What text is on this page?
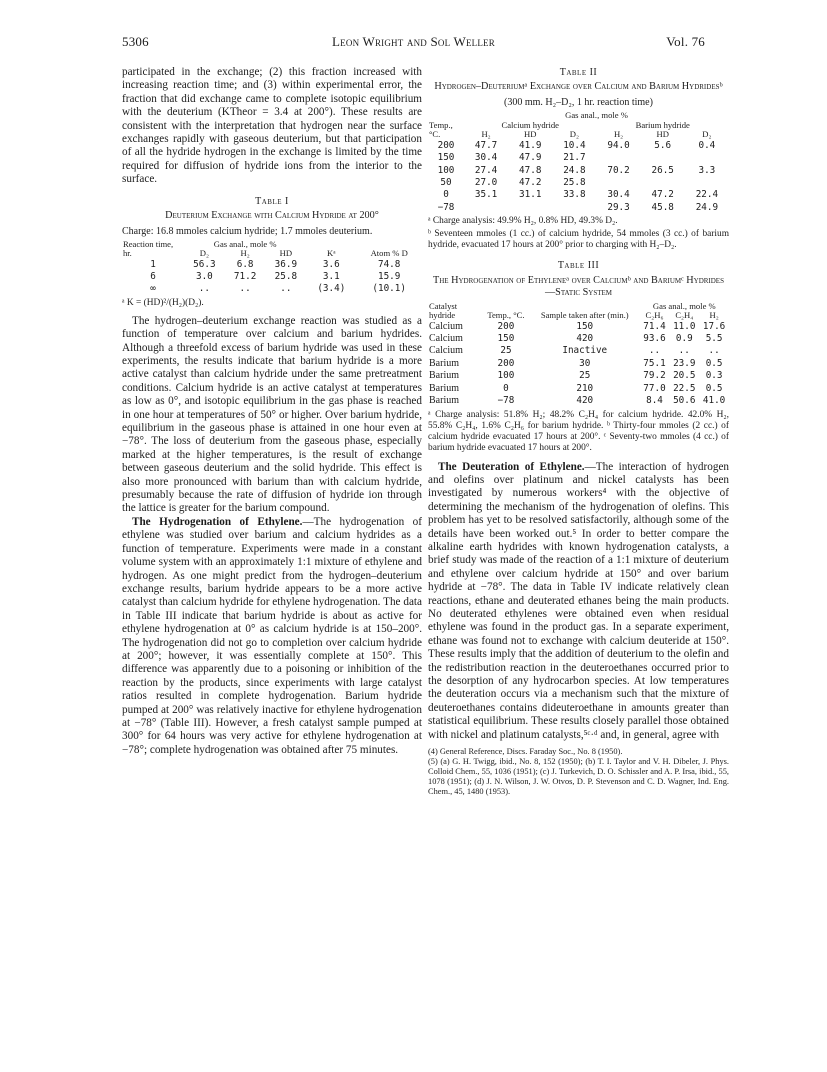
5306	Leon Wright and Sol Weller	Vol. 76

participated in the exchange; (2) this fraction increased with increasing reaction time; and (3) within experimental error, the fraction that did exchange came to complete isotopic equilibrium with the deuterium (KTheor = 3.4 at 200°). These results are consistent with the interpretation that hydrogen near the surface exchanges rapidly with gaseous deuterium, but that participation of all the hydride hydrogen in the exchange is limited by the time required for diffusion of hydride ions from the interior to the surface.

Table I
Deuterium Exchange with Calcium Hydride at 200°
Charge: 16.8 mmoles calcium hydride; 1.7 mmoles deuterium.
Reaction time, hr.	Gas anal., mole %			Kᵃ	Atom % D
	D₂	H₂	HD		
1	56.3	6.8	36.9	3.6	74.8
6	3.0	71.2	25.8	3.1	15.9
∞	..	..	..	(3.4)	(10.1)
ᵃ K = (HD)²/(H₂)(D₂).

The hydrogen–deuterium exchange reaction was studied as a function of temperature over calcium and barium hydrides. Although a threefold excess of barium hydride was used in these experiments, the results indicate that barium hydride is a more active catalyst than calcium hydride under the same pretreatment conditions. Calcium hydride is an active catalyst at temperatures as low as 0°, and isotopic equilibrium in the gas phase is reached in one hour at temperatures of 50° or higher. Over barium hydride, equilibrium in the gaseous phase is attained in one hour even at −78°. The loss of deuterium from the gaseous phase, especially marked at the higher temperatures, is the result of exchange between gaseous deuterium and the solid hydride. This effect is also more pronounced with barium than with calcium hydride, presumably because the rate of diffusion of hydride ion through the lattice is greater for the barium compound.

The Hydrogenation of Ethylene.—The hydrogenation of ethylene was studied over barium and calcium hydrides as a function of temperature. Experiments were made in a constant volume system with an approximately 1:1 mixture of ethylene and hydrogen. As one might predict from the hydrogen–deuterium exchange results, barium hydride appears to be a more active catalyst than calcium hydride for ethylene hydrogenation. The data in Table III indicate that barium hydride is about as active for ethylene hydrogenation at 0° as calcium hydride is at 150–200°. The hydrogenation did not go to completion over calcium hydride at 200°; however, it was essentially complete at 150°. This difference was apparently due to a poisoning or inhibition of the reaction by the products, since experiments with large catalyst ratios resulted in complete hydrogenation. Barium hydride pumped at 200° was relatively inactive for ethylene hydrogenation at −78° (Table III). However, a fresh catalyst sample pumped at 300° for 64 hours was very active for ethylene hydrogenation at −78°; complete hydrogenation was obtained after 75 minutes.

Table II
Hydrogen–Deuteriumᵃ Exchange over Calcium and Barium Hydridesᵇ
(300 mm. H₂–D₂, 1 hr. reaction time)
Temp., °C.	Gas anal., mole %					
	Calcium hydride			Barium hydride		
	H₂	HD	D₂	H₂	HD	D₂
200	47.7	41.9	10.4	94.0	5.6	0.4
150	30.4	47.9	21.7			
100	27.4	47.8	24.8	70.2	26.5	3.3
50	27.0	47.2	25.8			
0	35.1	31.1	33.8	30.4	47.2	22.4
−78				29.3	45.8	24.9
ᵃ Charge analysis: 49.9% H₂, 0.8% HD, 49.3% D₂.
ᵇ Seventeen mmoles (1 cc.) of calcium hydride, 54 mmoles (3 cc.) of barium hydride, evacuated 17 hours at 200° prior to charging with H₂–D₂.
Table III
The Hydrogenation of Ethyleneᵃ over Calciumᵇ and Bariumᶜ Hydrides—Static System
Catalyst hydride	Temp., °C.	Sample taken after (min.)	Gas anal., mole %		
			C₂H₆	C₂H₄	H₂
Calcium	200	150	71.4	11.0	17.6
Calcium	150	420	93.6	0.9	5.5
Calcium	25	Inactive	..	..	..
Barium	200	30	75.1	23.9	0.5
Barium	100	25	79.2	20.5	0.3
Barium	0	210	77.0	22.5	0.5
Barium	−78	420	8.4	50.6	41.0
ᵃ Charge analysis: 51.8% H₂; 48.2% C₂H₄ for calcium hydride. 42.0% H₂, 55.8% C₂H₄, 1.6% C₂H₆ for barium hydride. ᵇ Thirty-four mmoles (2 cc.) of calcium hydride evacuated 17 hours at 200°. ᶜ Seventy-two mmoles (4 cc.) of barium hydride evacuated 17 hours at 200°.

The Deuteration of Ethylene.—The interaction of hydrogen and olefins over platinum and nickel catalysts has been investigated by numerous workers⁴ with the objective of determining the mechanism of the hydrogenation of olefins. This problem has yet to be resolved satisfactorily, although some of the details have been worked out.⁵ In order to better compare the alkaline earth hydrides with known hydrogenation catalysts, a brief study was made of the reaction of a 1:1 mixture of deuterium and ethylene over calcium hydride at 150° and over barium hydride at −78°. The data in Table IV indicate relatively clean reactions, ethane and deuterated ethanes being the main products. No deuterated ethylenes were obtained even when residual ethylene was found in the product gas. In a separate experiment, ethane was found not to exchange with calcium deuteride at 150°. These results imply that the addition of deuterium to the olefin and the redistribution reaction in the deuteroethanes occurred prior to the desorption of any hydrocarbon species. At low temperatures the deuteration occurs via a mechanism such that the mixture of deuteroethanes contains dideuteroethane in amounts greater than statistical equilibrium. These results closely parallel those obtained with nickel and platinum catalysts,⁵ᶜ·ᵈ and, in general, agree with

(4) General Reference, Discs. Faraday Soc., No. 8 (1950).

(5) (a) G. H. Twigg, ibid., No. 8, 152 (1950); (b) T. I. Taylor and V. H. Dibeler, J. Phys. Colloid Chem., 55, 1036 (1951); (c) J. Turkevich, D. O. Schissler and A. P. Irsa, ibid., 55, 1078 (1951); (d) J. N. Wilson, J. W. Otvos, D. P. Stevenson and C. D. Wagner, Ind. Eng. Chem., 45, 1480 (1953).
